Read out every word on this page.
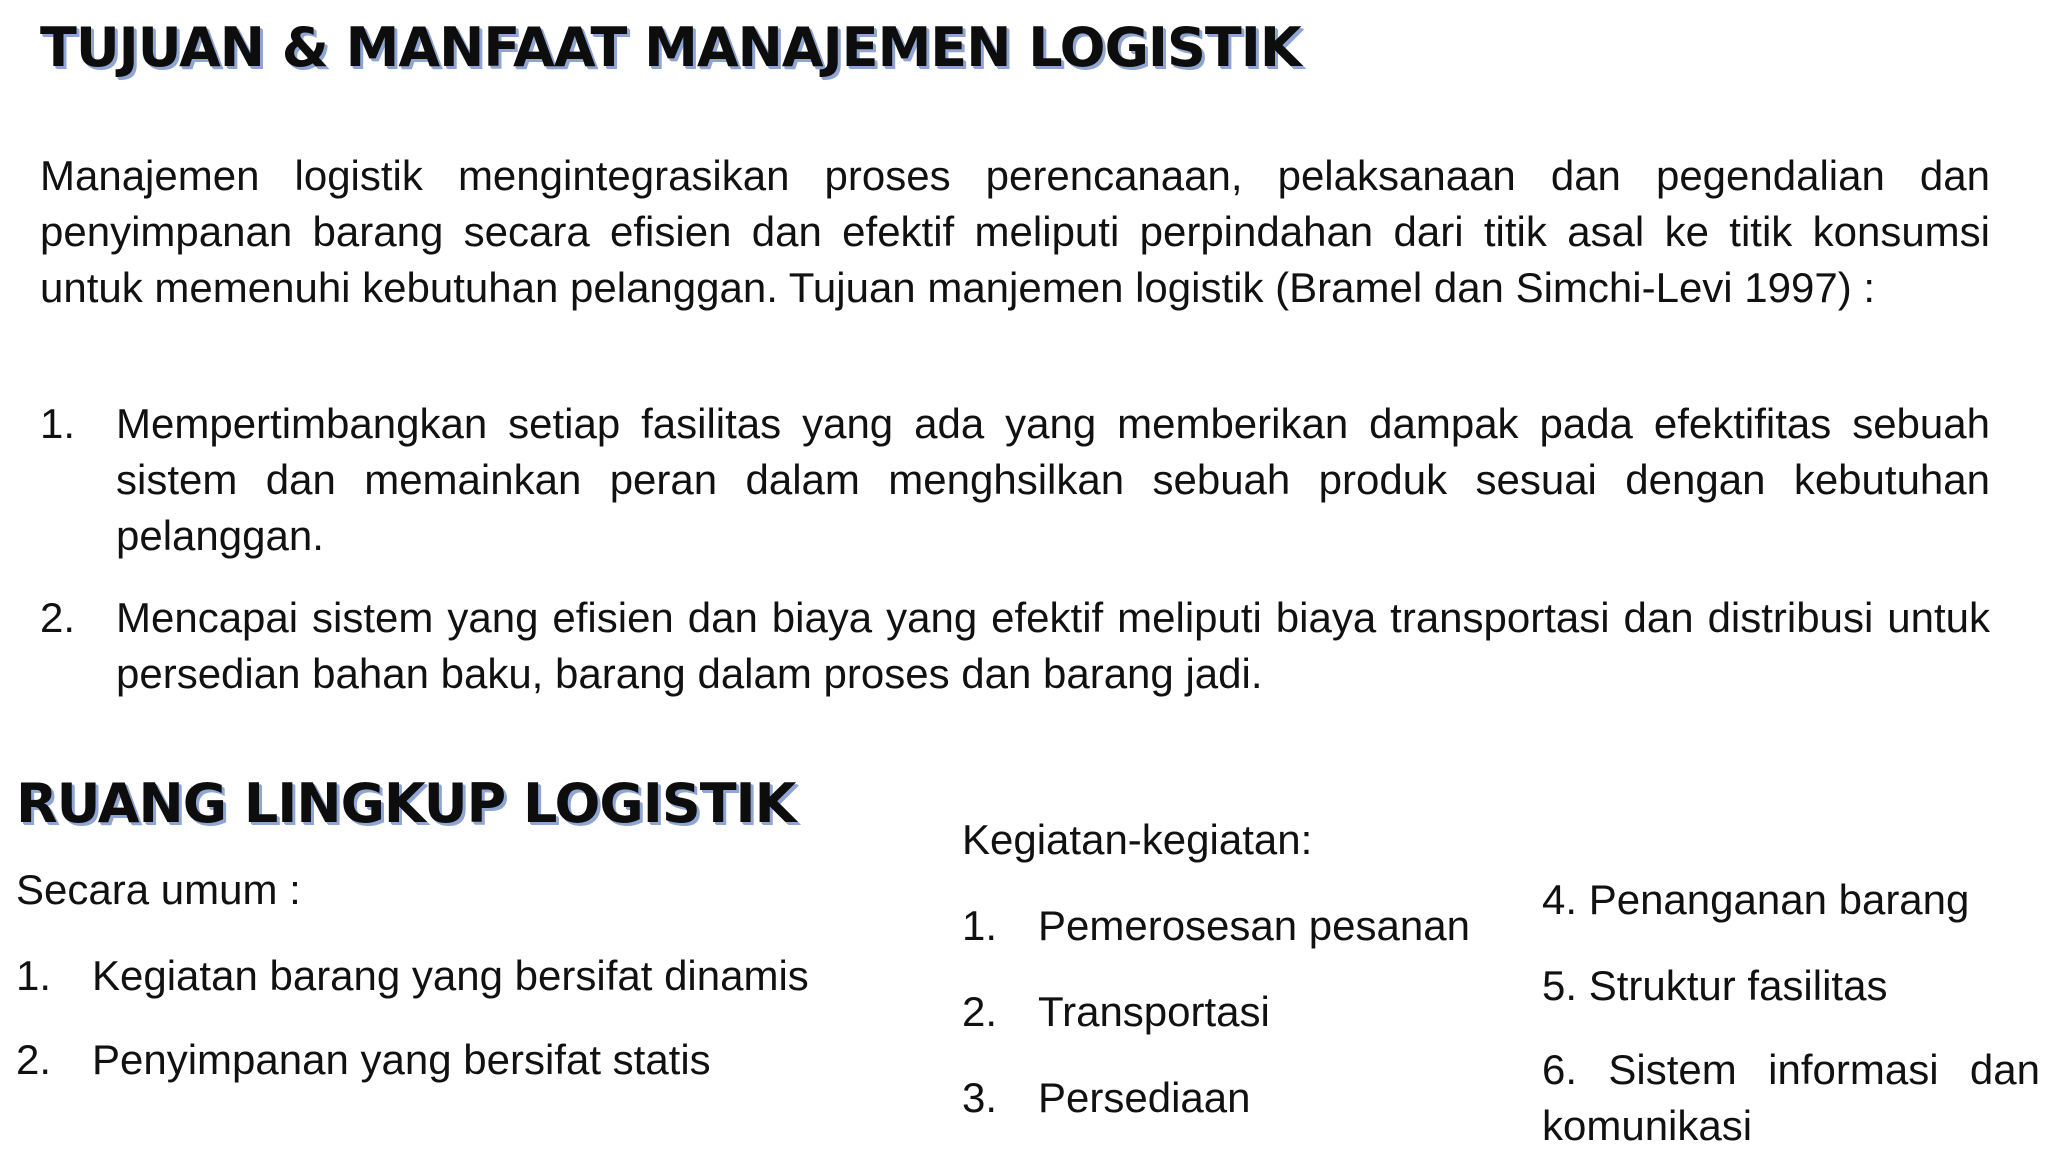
TUJUAN & MANFAAT MANAJEMEN LOGISTIK

Manajemen logistik mengintegrasikan proses perencanaan, pelaksanaan dan pegendalian dan penyimpanan barang secara efisien dan efektif meliputi perpindahan dari titik asal ke titik konsumsi untuk memenuhi kebutuhan pelanggan. Tujuan manjemen logistik (Bramel dan Simchi-Levi 1997) :

1. Mempertimbangkan setiap fasilitas yang ada yang memberikan dampak pada efektifitas sebuah sistem dan memainkan peran dalam menghsilkan sebuah produk sesuai dengan kebutuhan pelanggan.
2. Mencapai sistem yang efisien dan biaya yang efektif meliputi biaya transportasi dan distribusi untuk persedian bahan baku, barang dalam proses dan barang jadi.
RUANG LINGKUP LOGISTIK
Secara umum :
1. Kegiatan barang yang bersifat dinamis
2. Penyimpanan yang bersifat statis
Kegiatan-kegiatan:
1. Pemerosesan pesanan
2. Transportasi
3. Persediaan
4. Penanganan barang
5. Struktur fasilitas
6. Sistem informasi dan
komunikasi
